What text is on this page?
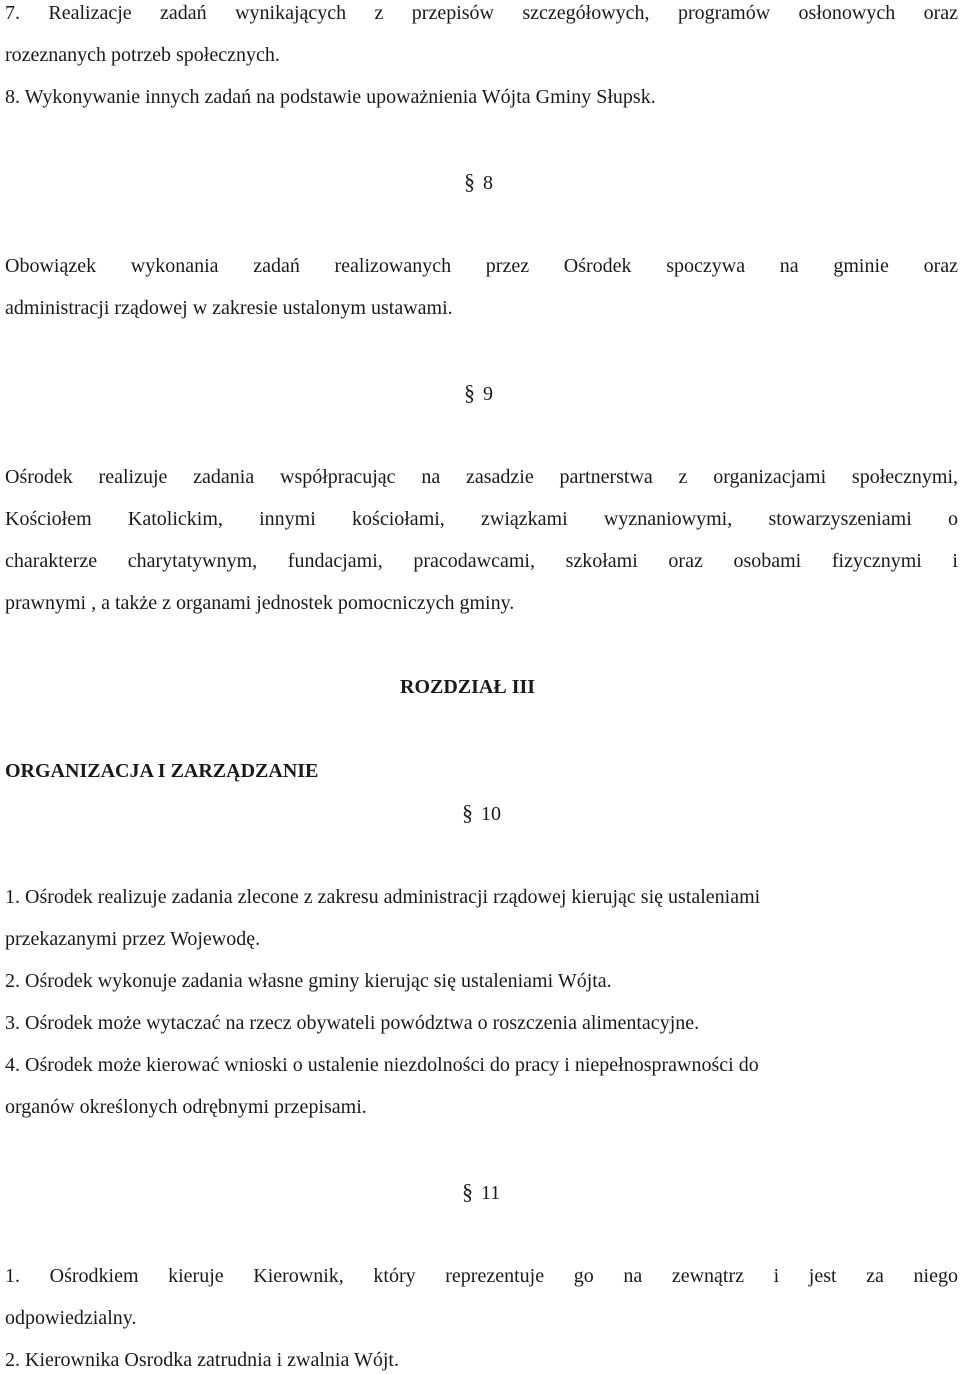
7. Realizacje zadań wynikających z przepisów szczegółowych, programów osłonowych oraz
rozeznanych potrzeb społecznych.
8. Wykonywanie innych zadań na podstawie upoważnienia Wójta Gminy Słupsk.
§ 8
Obowiązek wykonania zadań realizowanych przez Ośrodek spoczywa na gminie oraz
administracji rządowej w zakresie ustalonym ustawami.
§ 9
Ośrodek realizuje zadania współpracując na zasadzie partnerstwa z organizacjami społecznymi,
Kościołem Katolickim, innymi kościołami, związkami wyznaniowymi, stowarzyszeniami o
charakterze charytatywnym, fundacjami, pracodawcami, szkołami oraz osobami fizycznymi i
prawnymi , a także z organami jednostek pomocniczych gminy.
ROZDZIAŁ III
ORGANIZACJA I ZARZĄDZANIE
§ 10
1. Ośrodek realizuje zadania zlecone z zakresu administracji rządowej kierując się ustaleniami
przekazanymi przez Wojewodę.
2. Ośrodek wykonuje zadania własne gminy kierując się ustaleniami Wójta.
3. Ośrodek może wytaczać na rzecz obywateli powództwa o roszczenia alimentacyjne.
4. Ośrodek może kierować wnioski o ustalenie niezdolności do pracy i niepełnosprawności do
organów określonych odrębnymi przepisami.
§ 11
1. Ośrodkiem kieruje Kierownik, który reprezentuje go na zewnątrz i jest za niego
odpowiedzialny.
2. Kierownika Osrodka zatrudnia i zwalnia Wójt.
